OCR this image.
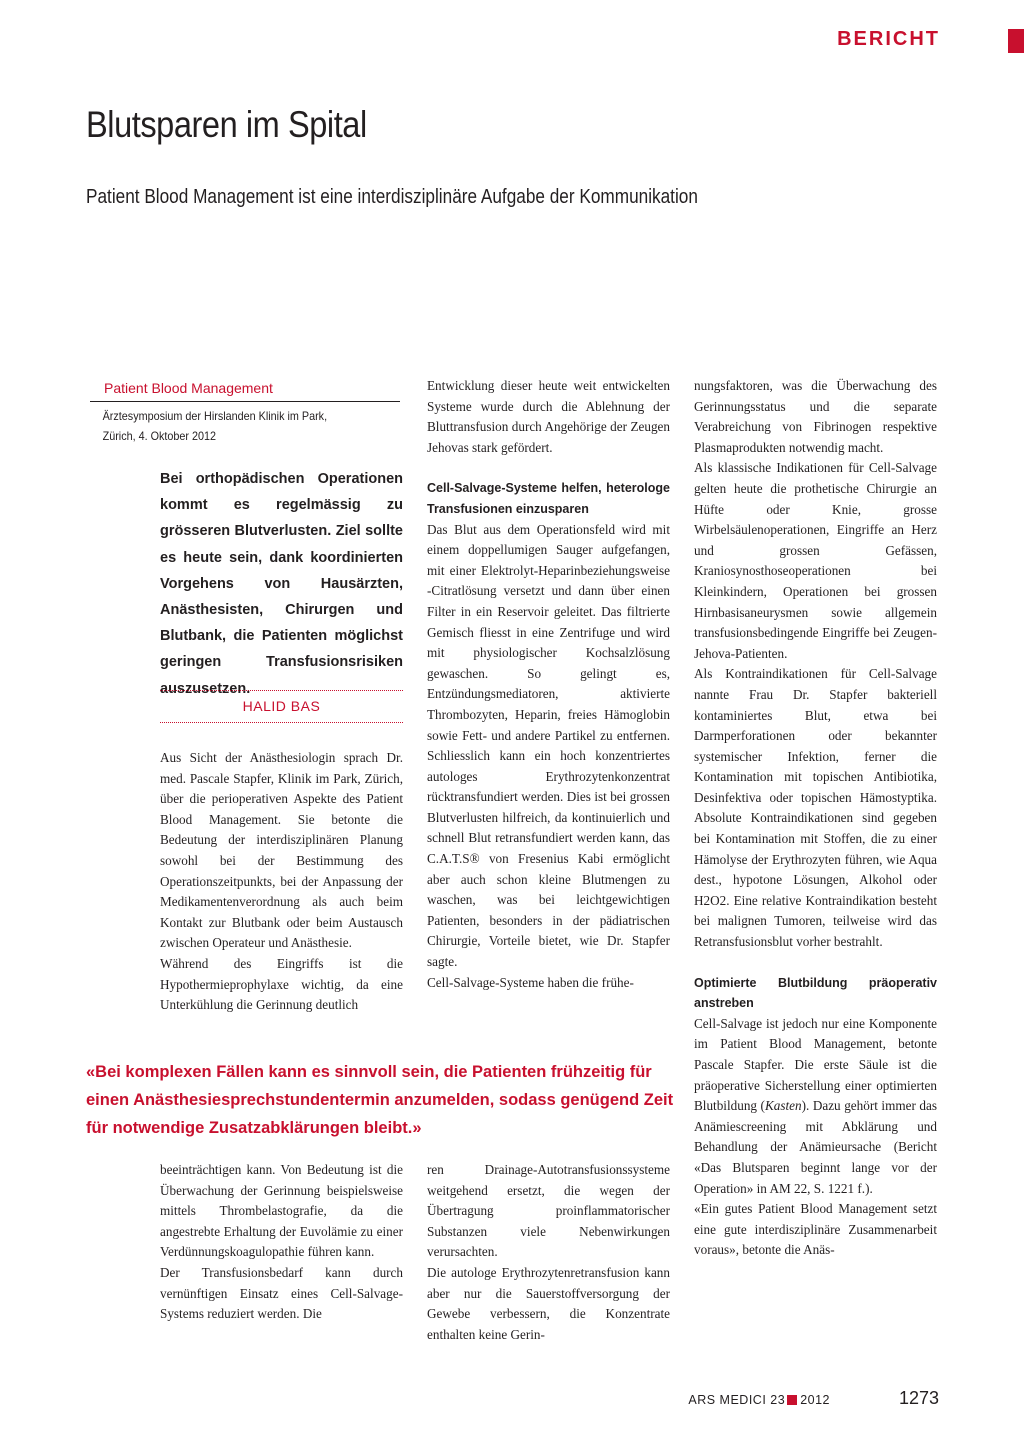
BERICHT
Blutsparen im Spital
Patient Blood Management ist eine interdisziplinäre Aufgabe der Kommunikation
Patient Blood Management
Ärztesymposium der Hirslanden Klinik im Park,
Zürich, 4. Oktober 2012

Bei orthopädischen Operationen kommt es regelmässig zu grösseren Blutverlusten. Ziel sollte es heute sein, dank koordinierten Vorgehens von Hausärzten, Anästhesisten, Chirurgen und Blutbank, die Patienten möglichst geringen Transfusionsrisiken auszusetzen.

HALID BAS

Aus Sicht der Anästhesiologin sprach Dr. med. Pascale Stapfer, Klinik im Park, Zürich, über die perioperativen Aspekte des Patient Blood Management. Sie betonte die Bedeutung der interdisziplinären Planung sowohl bei der Bestimmung des Operationszeitpunkts, bei der Anpassung der Medikamentenverordnung als auch beim Kontakt zur Blutbank oder beim Austausch zwischen Operateur und Anästhesie.

Während des Eingriffs ist die Hypothermieprophylaxe wichtig, da eine Unterkühlung die Gerinnung deutlich

Entwicklung dieser heute weit entwickelten Systeme wurde durch die Ablehnung der Bluttransfusion durch Angehörige der Zeugen Jehovas stark gefördert.

Cell-Salvage-Systeme helfen, heterologe Transfusionen einzusparen

Das Blut aus dem Operationsfeld wird mit einem doppellumigen Sauger aufgefangen, mit einer Elektrolyt-Heparinbeziehungsweise -Citratlösung versetzt und dann über einen Filter in ein Reservoir geleitet. Das filtrierte Gemisch fliesst in eine Zentrifuge und wird mit physiologischer Kochsalzlösung gewaschen. So gelingt es, Entzündungsmediatoren, aktivierte Thrombozyten, Heparin, freies Hämoglobin sowie Fett- und andere Partikel zu entfernen. Schliesslich kann ein hoch konzentriertes autologes Erythrozytenkonzentrat rücktransfundiert werden. Dies ist bei grossen Blutverlusten hilfreich, da kontinuierlich und schnell Blut retransfundiert werden kann, das C.A.T.S® von Fresenius Kabi ermöglicht aber auch schon kleine Blutmengen zu waschen, was bei leichtgewichtigen Patienten, besonders in der pädiatrischen Chirurgie, Vorteile bietet, wie Dr. Stapfer sagte.

Cell-Salvage-Systeme haben die frühe-

nungsfaktoren, was die Überwachung des Gerinnungsstatus und die separate Verabreichung von Fibrinogen respektive Plasmaprodukten notwendig macht.

Als klassische Indikationen für Cell-Salvage gelten heute die prothetische Chirurgie an Hüfte oder Knie, grosse Wirbelsäulenoperationen, Eingriffe an Herz und grossen Gefässen, Kraniosynosthoseoperationen bei Kleinkindern, Operationen bei grossen Hirnbasisaneurysmen sowie allgemein transfusionsbedingende Eingriffe bei Zeugen-Jehova-Patienten.

Als Kontraindikationen für Cell-Salvage nannte Frau Dr. Stapfer bakteriell kontaminiertes Blut, etwa bei Darmperforationen oder bekannter systemischer Infektion, ferner die Kontamination mit topischen Antibiotika, Desinfektiva oder topischen Hämostyptika. Absolute Kontraindikationen sind gegeben bei Kontamination mit Stoffen, die zu einer Hämolyse der Erythrozyten führen, wie Aqua dest., hypotone Lösungen, Alkohol oder H2O2. Eine relative Kontraindikation besteht bei malignen Tumoren, teilweise wird das Retransfusionsblut vorher bestrahlt.

Optimierte Blutbildung präoperativ anstreben

Cell-Salvage ist jedoch nur eine Komponente im Patient Blood Management, betonte Pascale Stapfer. Die erste Säule ist die präoperative Sicherstellung einer optimierten Blutbildung (Kasten). Dazu gehört immer das Anämiescreening mit Abklärung und Behandlung der Anämieursache (Bericht «Das Blutsparen beginnt lange vor der Operation» in AM 22, S. 1221 f.).

«Ein gutes Patient Blood Management setzt eine gute interdisziplinäre Zusammenarbeit voraus», betonte die Anäs-

«Bei komplexen Fällen kann es sinnvoll sein, die Patienten frühzeitig für einen Anästhesiesprechstundentermin anzumelden, sodass genügend Zeit für notwendige Zusatzabklärungen bleibt.»

beeinträchtigen kann. Von Bedeutung ist die Überwachung der Gerinnung beispielsweise mittels Thrombelastografie, da die angestrebte Erhaltung der Euvolämie zu einer Verdünnungskoagulopathie führen kann.

Der Transfusionsbedarf kann durch vernünftigen Einsatz eines Cell-Salvage-Systems reduziert werden. Die

ren Drainage-Autotransfusionssysteme weitgehend ersetzt, die wegen der Übertragung proinflammatorischer Substanzen viele Nebenwirkungen verursachten.

Die autologe Erythrozytenretransfusion kann aber nur die Sauerstoffversorgung der Gewebe verbessern, die Konzentrate enthalten keine Gerin-

ARS MEDICI 23 2012	1273
